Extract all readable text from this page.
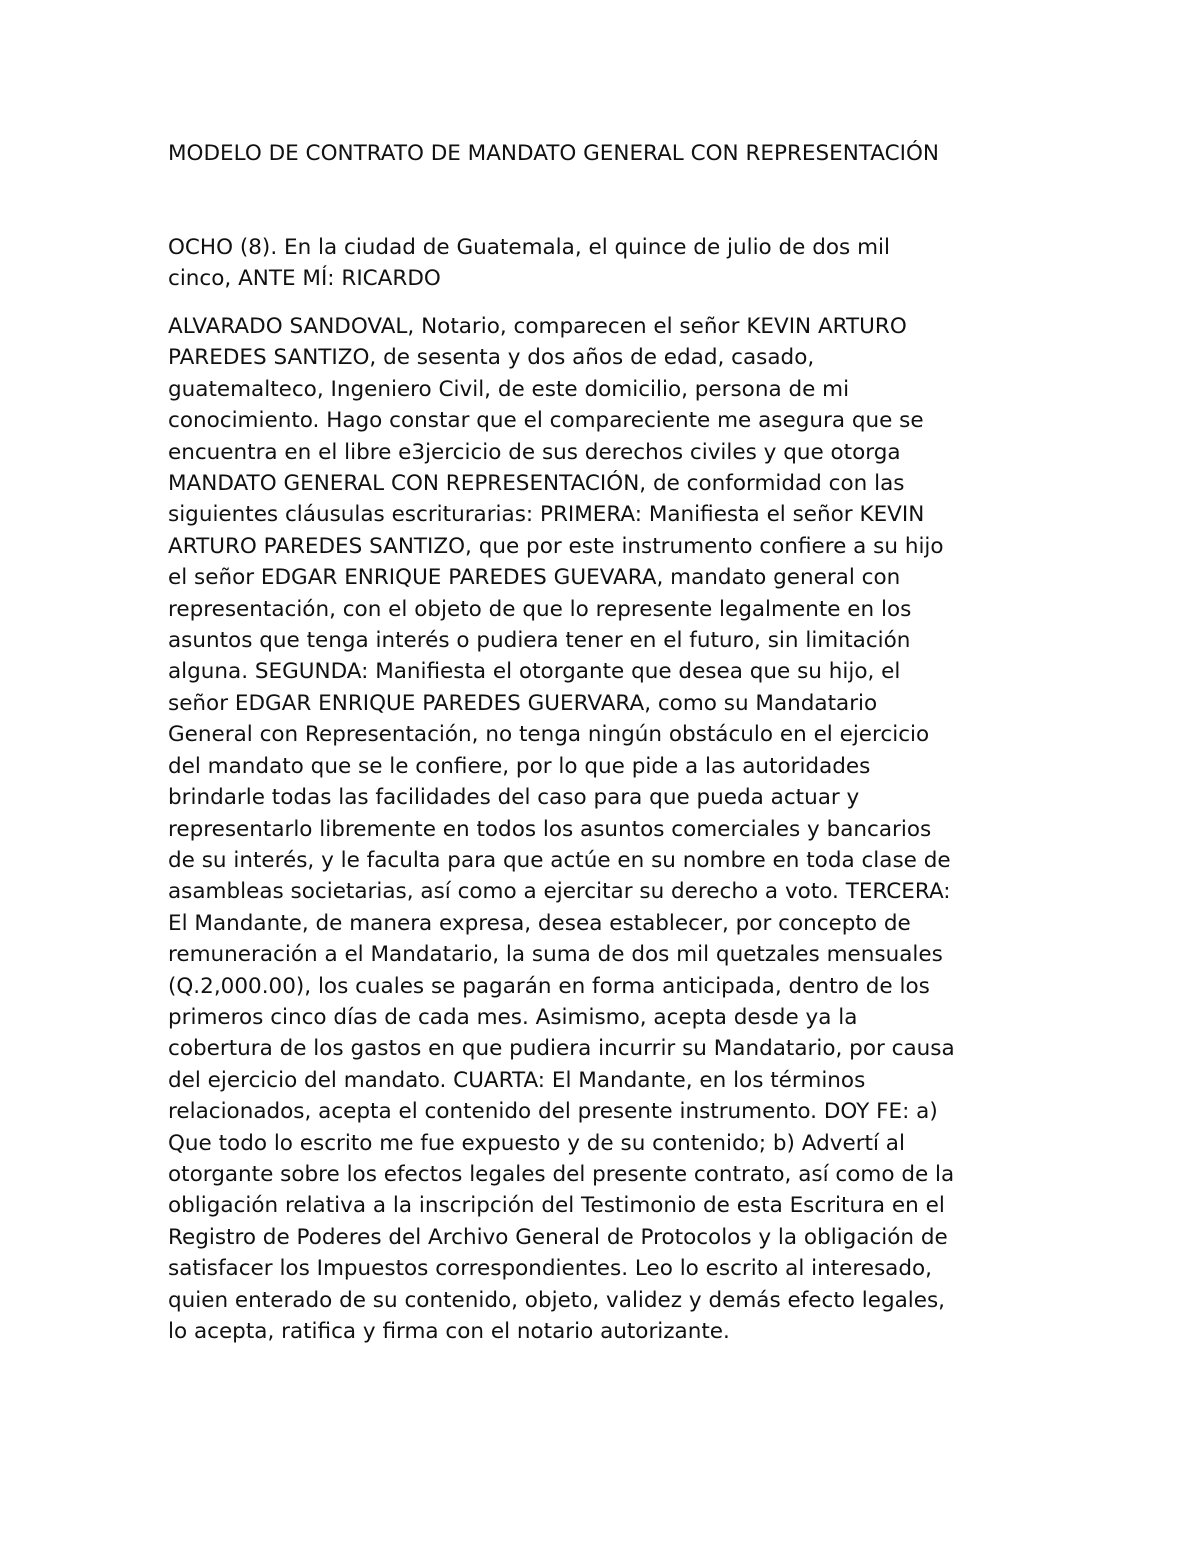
MODELO DE CONTRATO DE MANDATO GENERAL CON REPRESENTACIÓN

OCHO (8). En la ciudad de Guatemala, el quince de julio de dos mil
cinco, ANTE MÍ: RICARDO

ALVARADO SANDOVAL, Notario, comparecen el señor KEVIN ARTURO
PAREDES SANTIZO, de sesenta y dos años de edad, casado,
guatemalteco, Ingeniero Civil, de este domicilio, persona de mi
conocimiento. Hago constar que el compareciente me asegura que se
encuentra en el libre e3jercicio de sus derechos civiles y que otorga
MANDATO GENERAL CON REPRESENTACIÓN, de conformidad con las
siguientes cláusulas escriturarias: PRIMERA: Manifiesta el señor KEVIN
ARTURO PAREDES SANTIZO, que por este instrumento confiere a su hijo
el señor EDGAR ENRIQUE PAREDES GUEVARA, mandato general con
representación, con el objeto de que lo represente legalmente en los
asuntos que tenga interés o pudiera tener en el futuro, sin limitación
alguna. SEGUNDA: Manifiesta el otorgante que desea que su hijo, el
señor EDGAR ENRIQUE PAREDES GUERVARA, como su Mandatario
General con Representación, no tenga ningún obstáculo en el ejercicio
del mandato que se le confiere, por lo que pide a las autoridades
brindarle todas las facilidades del caso para que pueda actuar y
representarlo libremente en todos los asuntos comerciales y bancarios
de su interés, y le faculta para que actúe en su nombre en toda clase de
asambleas societarias, así como a ejercitar su derecho a voto. TERCERA:
El Mandante, de manera expresa, desea establecer, por concepto de
remuneración a el Mandatario, la suma de dos mil quetzales mensuales
(Q.2,000.00), los cuales se pagarán en forma anticipada, dentro de los
primeros cinco días de cada mes. Asimismo, acepta desde ya la
cobertura de los gastos en que pudiera incurrir su Mandatario, por causa
del ejercicio del mandato. CUARTA: El Mandante, en los términos
relacionados, acepta el contenido del presente instrumento. DOY FE: a)
Que todo lo escrito me fue expuesto y de su contenido; b) Advertí al
otorgante sobre los efectos legales del presente contrato, así como de la
obligación relativa a la inscripción del Testimonio de esta Escritura en el
Registro de Poderes del Archivo General de Protocolos y la obligación de
satisfacer los Impuestos correspondientes. Leo lo escrito al interesado,
quien enterado de su contenido, objeto, validez y demás efecto legales,
lo acepta, ratifica y firma con el notario autorizante.
